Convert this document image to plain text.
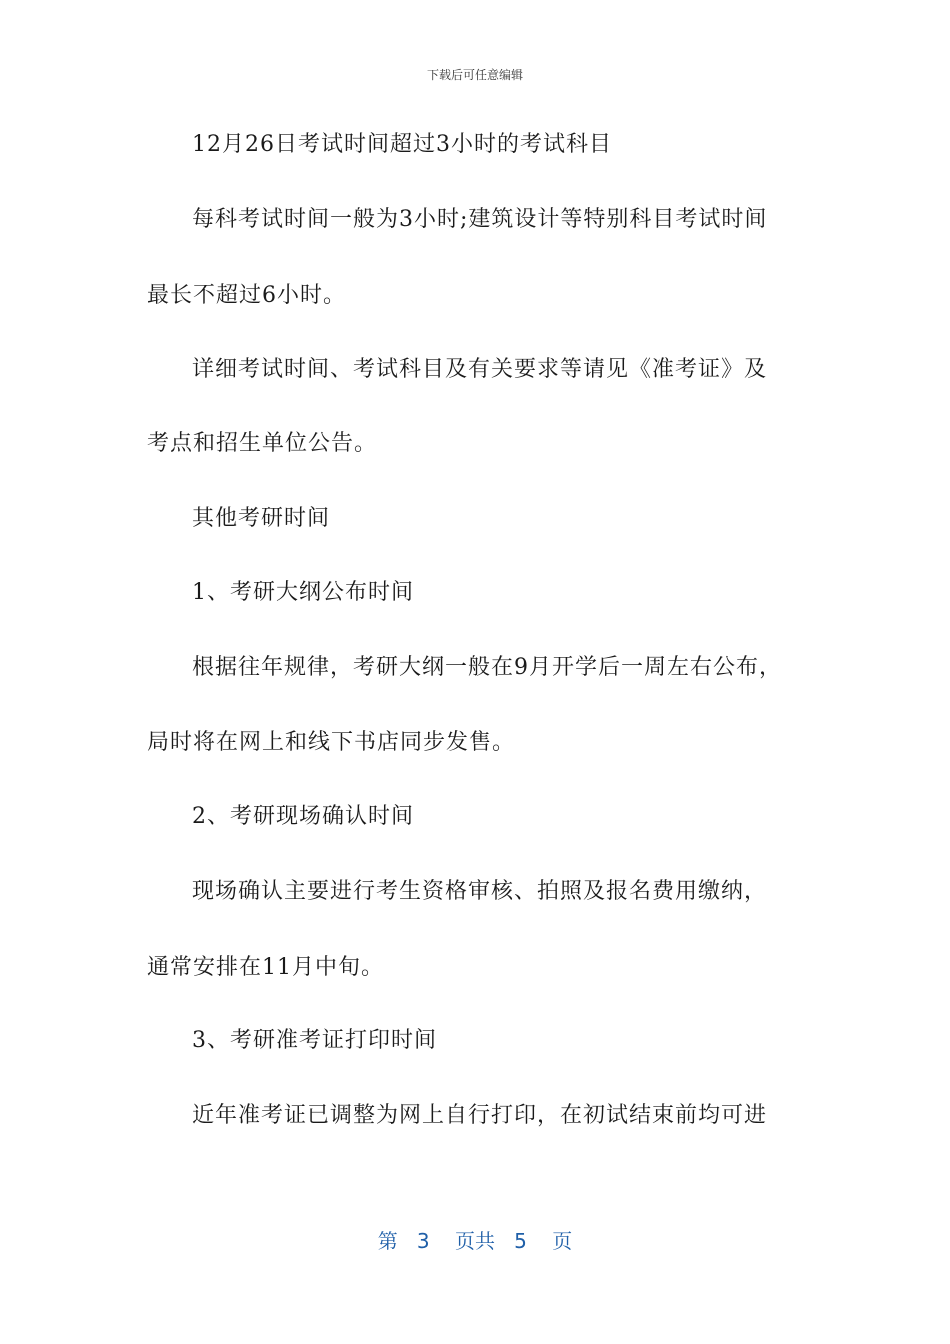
下载后可任意编辑
12月26日考试时间超过3小时的考试科目
每科考试时间一般为3小时;建筑设计等特别科目考试时间
最长不超过6小时。
详细考试时间、考试科目及有关要求等请见《准考证》及
考点和招生单位公告。
其他考研时间
1、考研大纲公布时间
根据往年规律，考研大纲一般在9月开学后一周左右公布，
局时将在网上和线下书店同步发售。
2、考研现场确认时间
现场确认主要进行考生资格审核、拍照及报名费用缴纳，
通常安排在11月中旬。
3、考研准考证打印时间
近年准考证已调整为网上自行打印，在初试结束前均可进
第 3 页共 5 页
